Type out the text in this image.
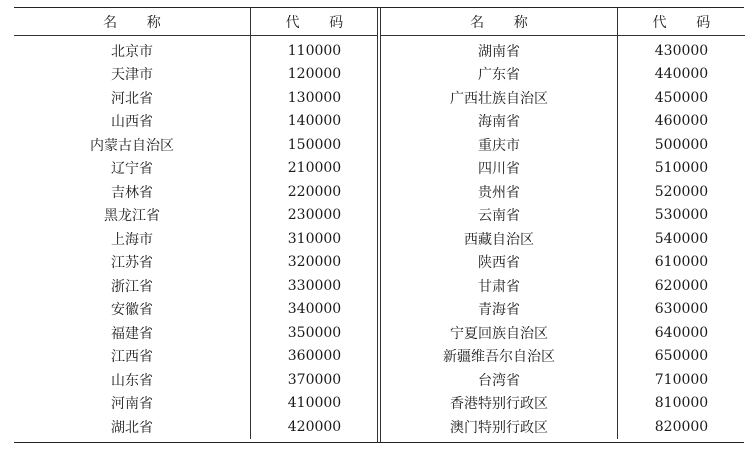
名 称	代 码
北京市	110000
天津市	120000
河北省	130000
山西省	140000
内蒙古自治区	150000
辽宁省	210000
吉林省	220000
黑龙江省	230000
上海市	310000
江苏省	320000
浙江省	330000
安徽省	340000
福建省	350000
江西省	360000
山东省	370000
河南省	410000
湖北省	420000
名 称	代 码
湖南省	430000
广东省	440000
广西壮族自治区	450000
海南省	460000
重庆市	500000
四川省	510000
贵州省	520000
云南省	530000
西藏自治区	540000
陕西省	610000
甘肃省	620000
青海省	630000
宁夏回族自治区	640000
新疆维吾尔自治区	650000
台湾省	710000
香港特别行政区	810000
澳门特别行政区	820000
